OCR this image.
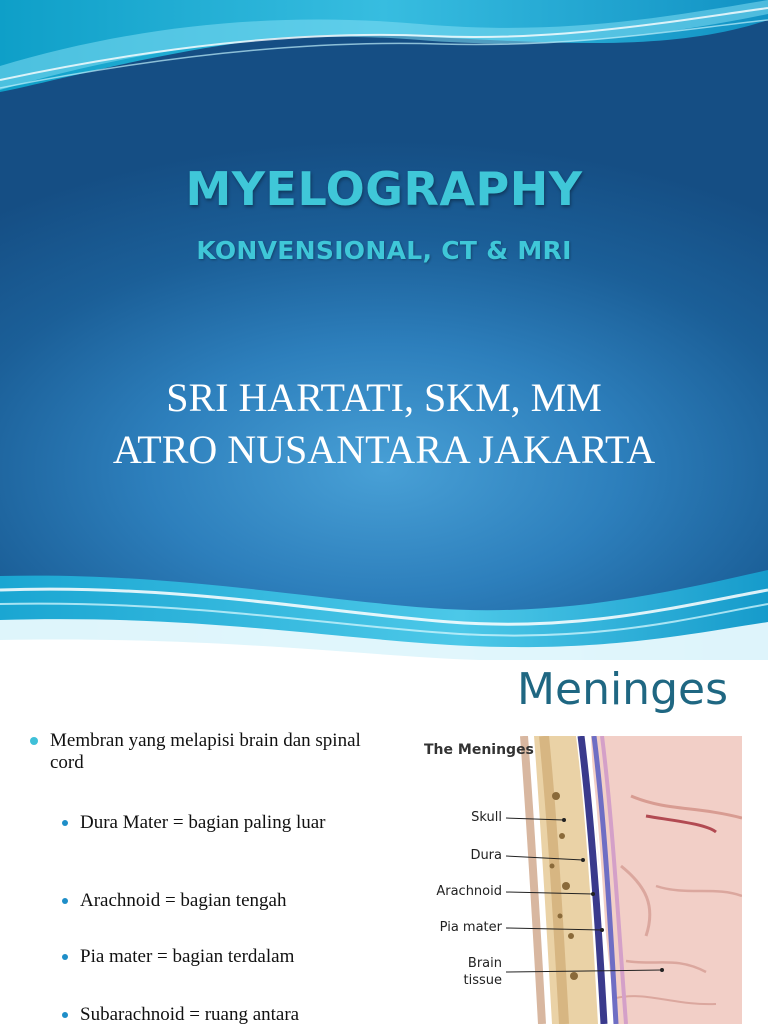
MYELOGRAPHY
KONVENSIONAL, CT & MRI
SRI HARTATI, SKM, MM
ATRO NUSANTARA JAKARTA
Meninges
Membran yang melapisi brain dan spinal cord
Dura Mater = bagian paling luar
Arachnoid = bagian tengah
Pia mater = bagian terdalam
Subarachnoid = ruang antara
The Meninges
Skull
Dura
Arachnoid
Pia mater
Brain
tissue
